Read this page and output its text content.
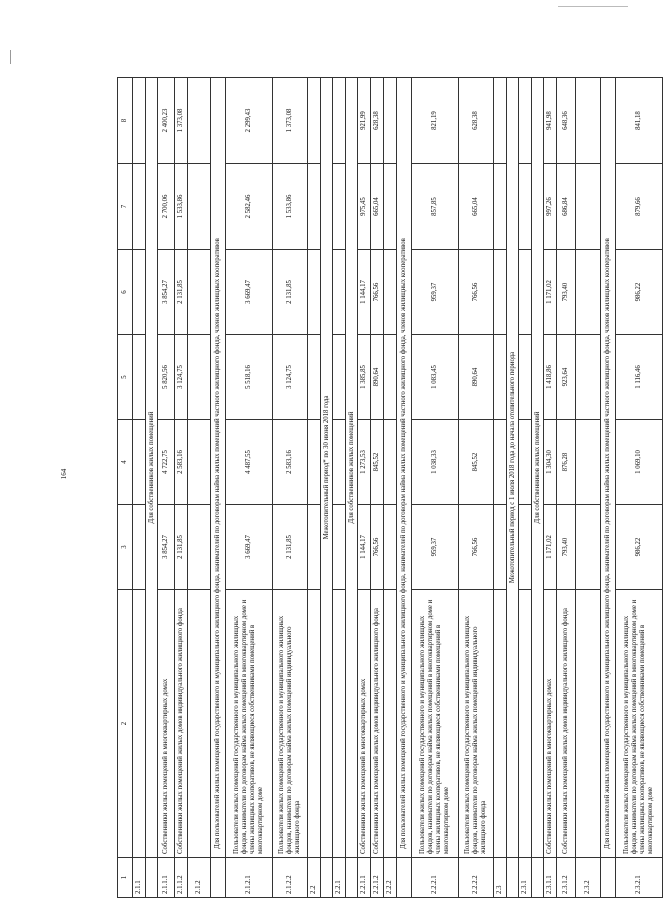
164
1	2	3	4	5	6	7	8
2.1.1							
	Для собственников жилых помещений						
2.1.1.1	Собственники жилых помещений в многоквартирных домах	3 854,27	4 722,75	5 820,56	3 854,27	2 700,06	2 400,23
2.1.1.2	Собственники жилых помещений жилых домов индивидуального жилищного фонда	2 131,85	2 583,16	3 124,75	2 131,85	1 533,86	1 373,08
2.1.2							
	Для пользователей жилых помещений государственного и муниципального жилищного фонда, нанимателей по договорам найма жилых помещений частного жилищного фонда, членов жилищных кооперативов						
2.1.2.1	Пользователи жилых помещений государственного и муниципального жилищных фондов, наниматели по договорам найма жилых помещений в многоквартирном доме и члены жилищных кооперативов, не являющиеся собственниками помещений в многоквартирном доме	3 669,47	4 487,55	5 518,16	3 669,47	2 582,46	2 299,43
2.1.2.2	Пользователи жилых помещений государственного и муниципального жилищных фондов, наниматели по договорам найма жилых помещений индивидуального жилищного фонда	2 131,85	2 583,16	3 124,75	2 131,85	1 533,86	1 373,08
2.2							
	Межотопительный период* по 30 июня 2018 года						
2.2.1							
	Для собственников жилых помещений						
2.2.1.1	Собственники жилых помещений в многоквартирных домах	1 144,17	1 273,53	1 385,85	1 144,17	975,45	921,99
2.2.1.2	Собственники жилых помещений жилых домов индивидуального жилищного фонда	766,56	845,52	890,64	766,56	665,04	628,38
2.2.2							
	Для пользователей жилых помещений государственного и муниципального жилищного фонда, нанимателей по договорам найма жилых помещений частного жилищного фонда, членов жилищных кооперативов						
2.2.2.1	Пользователи жилых помещений государственного и муниципального жилищных фондов, наниматели по договорам найма жилых помещений в многоквартирном доме и члены жилищных кооперативов, не являющиеся собственниками помещений в многоквартирном доме	959,37	1 038,33	1 083,45	959,37	857,85	821,19
2.2.2.2	Пользователи жилых помещений государственного и муниципального жилищных фондов, наниматели по договорам найма жилых помещений индивидуального жилищного фонда	766,56	845,52	890,64	766,56	665,04	628,38
2.3							
	Межотопительный период с 1 июля 2018 года до начала отопительного периода						
2.3.1							
	Для собственников жилых помещений						
2.3.1.1	Собственники жилых помещений в многоквартирных домах	1 171,02	1 304,30	1 418,86	1 171,02	997,26	941,98
2.3.1.2	Собственники жилых помещений жилых домов индивидуального жилищного фонда	793,40	876,28	923,64	793,40	686,84	648,36
2.3.2							
	Для пользователей жилых помещений государственного и муниципального жилищного фонда, нанимателей по договорам найма жилых помещений частного жилищного фонда, членов жилищных кооперативов						
2.3.2.1	Пользователи жилых помещений государственного и муниципального жилищных фондов, наниматели по договорам найма жилых помещений в многоквартирном доме и члены жилищных кооперативов, не являющиеся собственниками помещений в многоквартирном доме	986,22	1 069,10	1 116,46	986,22	879,66	841,18
